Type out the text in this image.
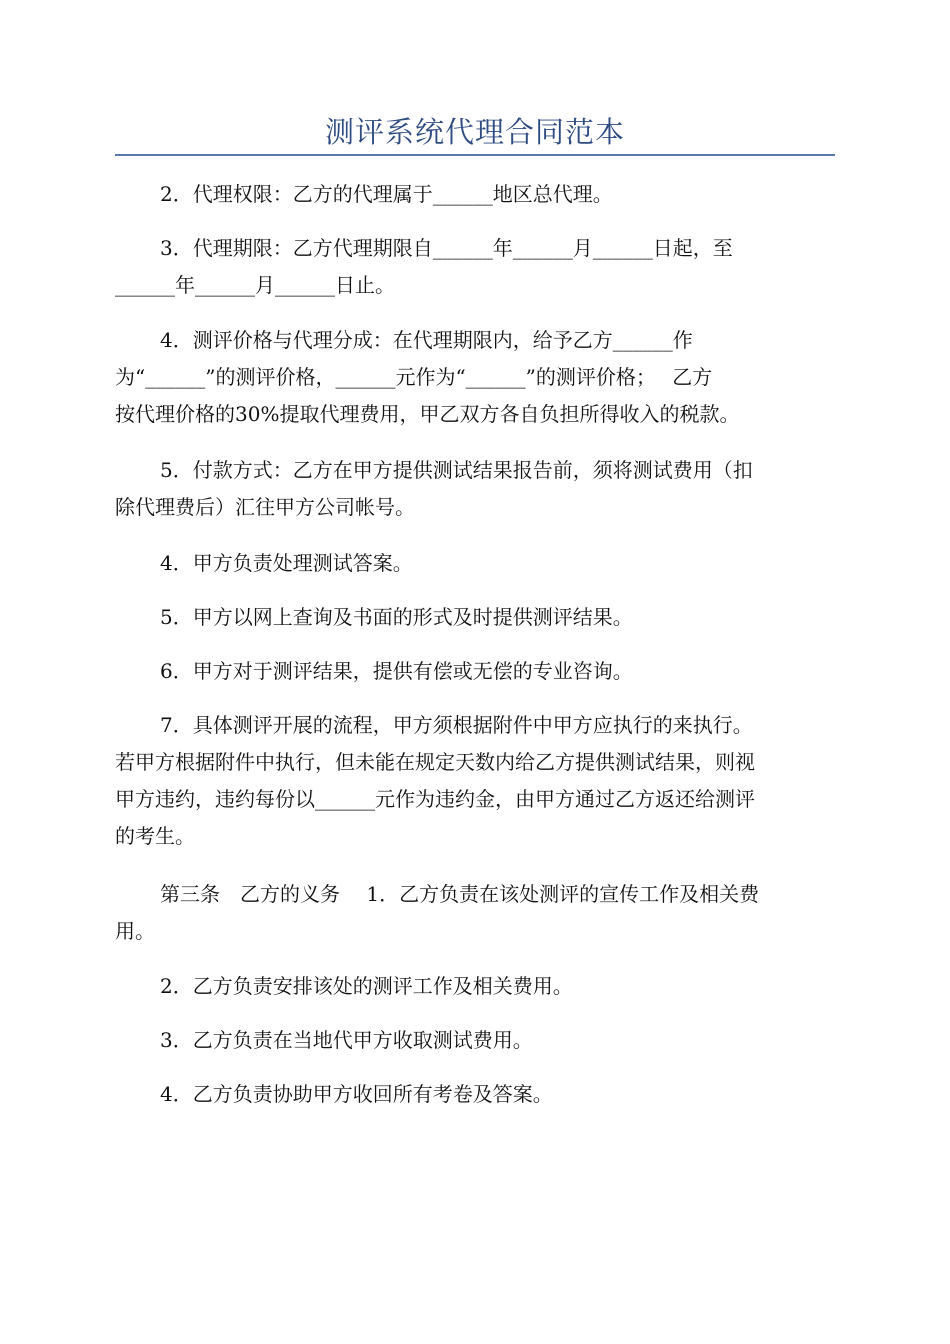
测评系统代理合同范本
2．代理权限：乙方的代理属于______地区总代理。
3．代理期限：乙方代理期限自______年______月______日起，至
______年______月______日止。
4．测评价格与代理分成：在代理期限内，给予乙方______作
为“______”的测评价格，______元作为“______”的测评价格；　 乙方
按代理价格的30%提取代理费用，甲乙双方各自负担所得收入的税款。
5．付款方式：乙方在甲方提供测试结果报告前，须将测试费用（扣
除代理费后）汇往甲方公司帐号。
4．甲方负责处理测试答案。
5．甲方以网上查询及书面的形式及时提供测评结果。
6．甲方对于测评结果，提供有偿或无偿的专业咨询。
7．具体测评开展的流程，甲方须根据附件中甲方应执行的来执行。
若甲方根据附件中执行，但未能在规定天数内给乙方提供测试结果，则视
甲方违约，违约每份以______元作为违约金，由甲方通过乙方返还给测评
的考生。
第三条　乙方的义务　 1．乙方负责在该处测评的宣传工作及相关费
用。
2．乙方负责安排该处的测评工作及相关费用。
3．乙方负责在当地代甲方收取测试费用。
4．乙方负责协助甲方收回所有考卷及答案。
